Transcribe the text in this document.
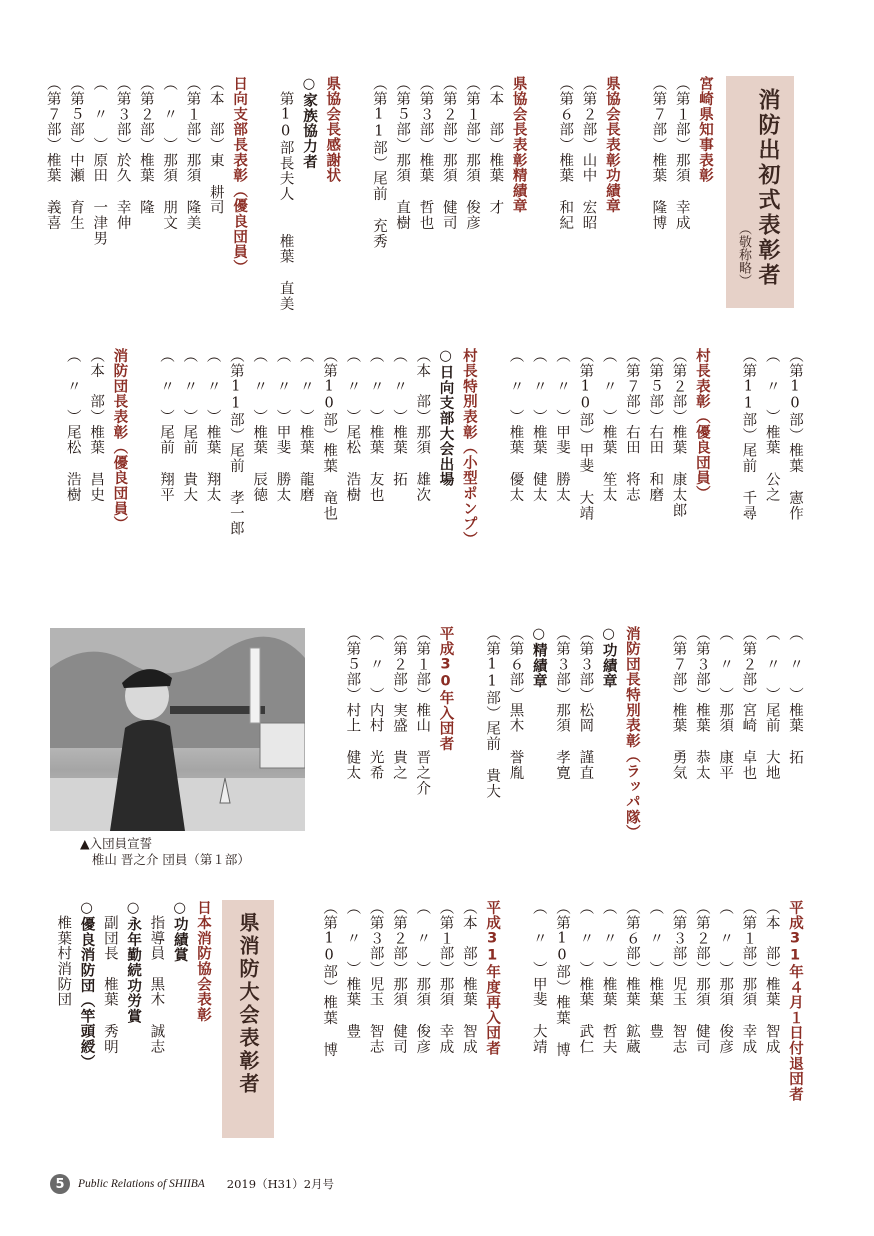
消防出初式表彰者
（敬称略）
宮崎県知事表彰
（第１部）那須 幸成
（第７部）椎葉 隆博

県協会長表彰功績章
（第２部）山中 宏昭
（第６部）椎葉 和紀

県協会長表彰精績章
（本　部）椎葉 才
（第１部）那須 俊彦
（第２部）那須 健司
（第３部）椎葉 哲也
（第５部）那須 直樹
（第11部）尾前 充秀

県協会長感謝状
○家族協力者
　第10部長夫人　 椎葉 直美

日向支部長表彰（優良団員）
（本　部）東 耕司
（第１部）那須 隆美
（　〃　）那須 朋文
（第２部）椎葉 隆
（第３部）於久 幸伸
（　〃　）原田 一津男
（第５部）中瀬 育生
（第７部）椎葉 義喜
（第10部）椎葉 憲作
（　〃　）椎葉 公之
（第11部）尾前 千尋

村長表彰（優良団員）
（第２部）椎葉 康太郎
（第５部）右田 和磨
（第７部）右田 将志
（　〃　）椎葉 笙太
（第10部）甲斐 大靖
（　〃　）甲斐 勝太
（　〃　）椎葉 健太
（　〃　）椎葉 優太

村長特別表彰（小型ポンプ）
○日向支部大会出場
（本　部）那須 雄次
（　〃　）椎葉 拓
（　〃　）椎葉 友也
（　〃　）尾松 浩樹
（第10部）椎葉 竜也
（　〃　）椎葉 龍磨
（　〃　）甲斐 勝太
（　〃　）椎葉 辰徳
（第11部）尾前 孝一郎
（　〃　）椎葉 翔太
（　〃　）尾前 貴大
（　〃　）尾前 翔平

消防団長表彰（優良団員）
（本　部）椎葉 昌史
（　〃　）尾松 浩樹
（　〃　）椎葉 拓
（　〃　）尾前 大地
（第２部）宮崎 卓也
（　〃　）那須 康平
（第３部）椎葉 恭太
（第７部）椎葉 勇気

消防団長特別表彰（ラッパ隊）
○功績章
（第３部）松岡 謹直
（第３部）那須 孝寛
○精績章
（第６部）黒木 誉胤
（第11部）尾前 貴大

平成30年入団者
（第１部）椎山 晋之介
（第２部）実盛 貴之
（　〃　）内村 光希
（第５部）村上 健太
▲入団員宣誓
椎山 晋之介 団員（第１部）
県消防大会表彰者	平成31年４月１日付退団者
（本　部）椎葉 智成
（第１部）那須 幸成
（　〃　）那須 俊彦
（第２部）那須 健司
（第３部）児玉 智志
（　〃　）椎葉 豊
（第６部）椎葉 鉱蔵
（　〃　）椎葉 哲夫
（　〃　）椎葉 武仁
（第10部）椎葉 博
（　〃　）甲斐 大靖

平成31年度再入団者
（本　部）椎葉 智成
（第１部）那須 幸成
（　〃　）那須 俊彦
（第２部）那須 健司
（第３部）児玉 智志
（　〃　）椎葉 豊
（第10部）椎葉 博
日本消防協会表彰
○功績賞
　指導員　黒木 誠志
○永年勤続功労賞
　副団長　椎葉 秀明
○優良消防団（竿頭綬）
　椎葉村消防団
5	Public Relations of SHIIBA 2019（H31）2月号
